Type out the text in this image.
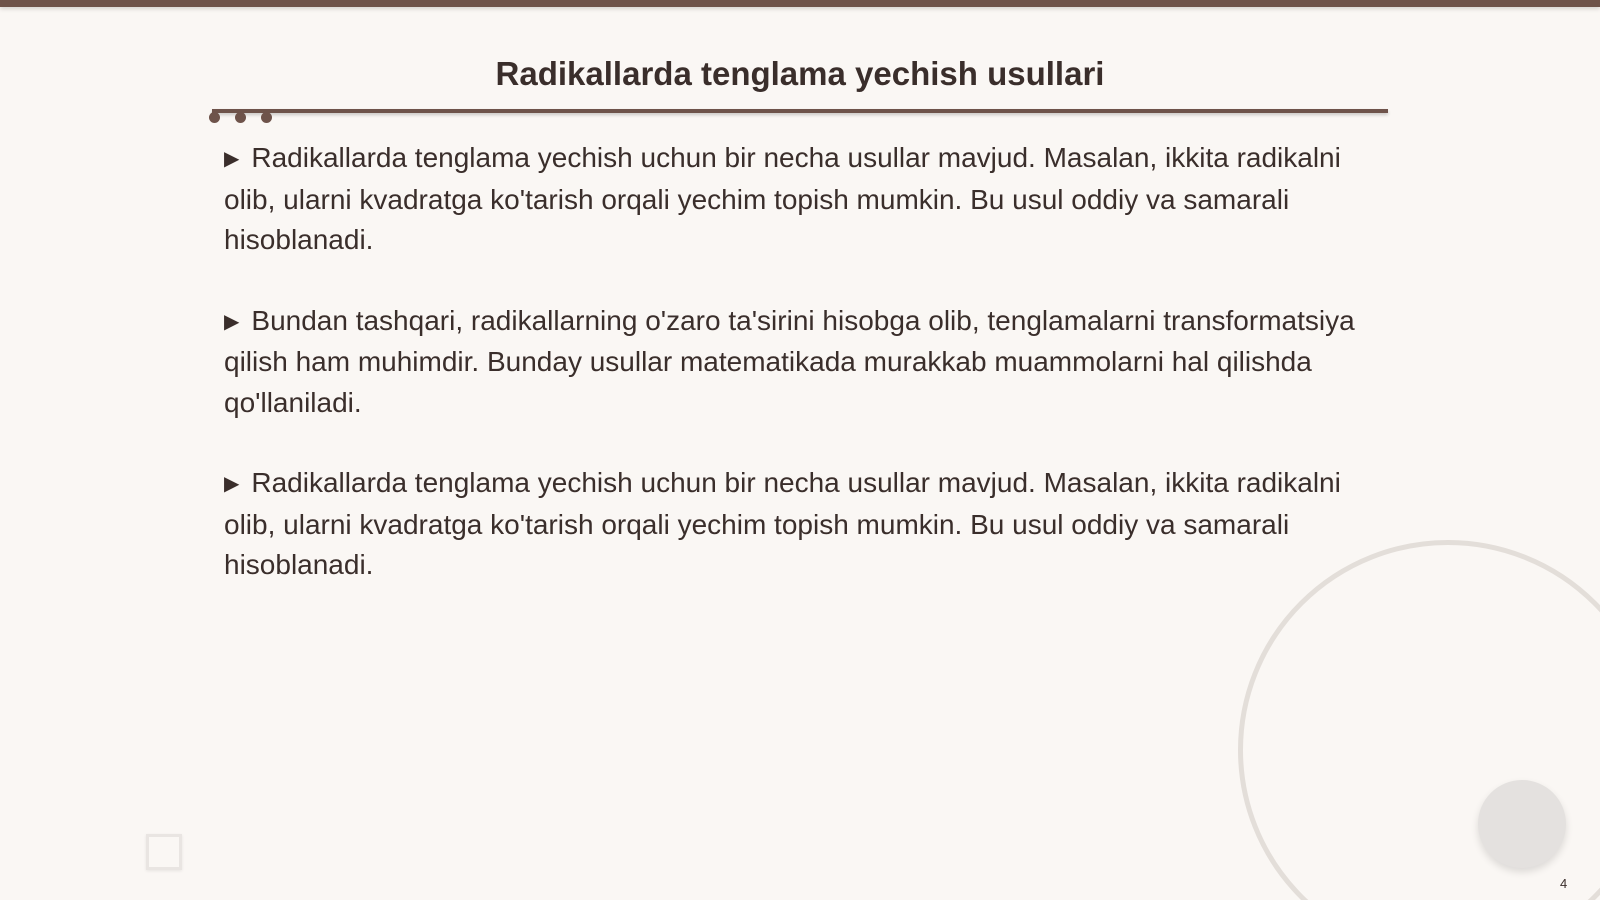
Radikallarda tenglama yechish usullari

▶ Radikallarda tenglama yechish uchun bir necha usullar mavjud. Masalan, ikkita radikalni olib, ularni kvadratga ko'tarish orqali yechim topish mumkin. Bu usul oddiy va samarali hisoblanadi.

▶ Bundan tashqari, radikallarning o'zaro ta'sirini hisobga olib, tenglamalarni transformatsiya qilish ham muhimdir. Bunday usullar matematikada murakkab muammolarni hal qilishda qo'llaniladi.

▶ Radikallarda tenglama yechish uchun bir necha usullar mavjud. Masalan, ikkita radikalni olib, ularni kvadratga ko'tarish orqali yechim topish mumkin. Bu usul oddiy va samarali hisoblanadi.

4
